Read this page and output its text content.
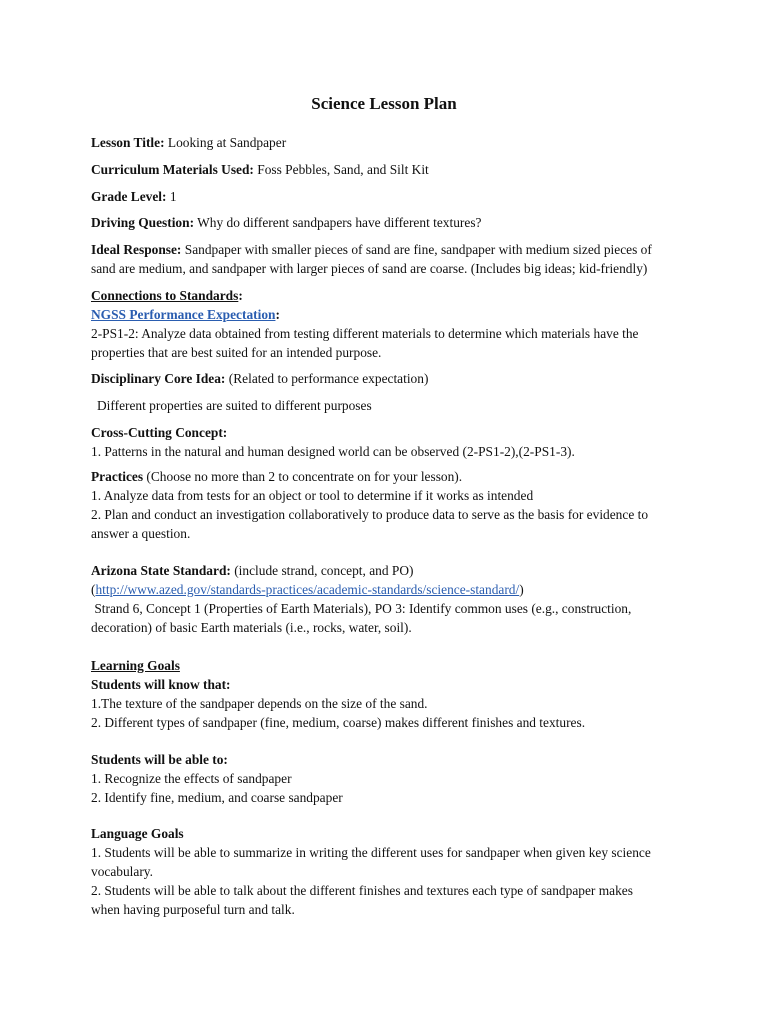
Science Lesson Plan

Lesson Title: Looking at Sandpaper

Curriculum Materials Used: Foss Pebbles, Sand, and Silt Kit

Grade Level: 1

Driving Question: Why do different sandpapers have different textures?

Ideal Response: Sandpaper with smaller pieces of sand are fine, sandpaper with medium sized pieces of
sand are medium, and sandpaper with larger pieces of sand are coarse. (Includes big ideas; kid-friendly)
Connections to Standards:
NGSS Performance Expectation:
2-PS1-2: Analyze data obtained from testing different materials to determine which materials have the
properties that are best suited for an intended purpose.

Disciplinary Core Idea: (Related to performance expectation)

Different properties are suited to different purposes

Cross-Cutting Concept:
1. Patterns in the natural and human designed world can be observed (2-PS1-2),(2-PS1-3).
Practices (Choose no more than 2 to concentrate on for your lesson).
1. Analyze data from tests for an object or tool to determine if it works as intended
2. Plan and conduct an investigation collaboratively to produce data to serve as the basis for evidence to
answer a question.
Arizona State Standard: (include strand, concept, and PO)
(http://www.azed.gov/standards-practices/academic-standards/science-standard/)
Strand 6, Concept 1 (Properties of Earth Materials), PO 3: Identify common uses (e.g., construction,
decoration) of basic Earth materials (i.e., rocks, water, soil).
Learning Goals
Students will know that:
1.The texture of the sandpaper depends on the size of the sand.
2. Different types of sandpaper (fine, medium, coarse) makes different finishes and textures.
Students will be able to:
1. Recognize the effects of sandpaper
2. Identify fine, medium, and coarse sandpaper
Language Goals
1. Students will be able to summarize in writing the different uses for sandpaper when given key science
vocabulary.
2. Students will be able to talk about the different finishes and textures each type of sandpaper makes
when having purposeful turn and talk.
